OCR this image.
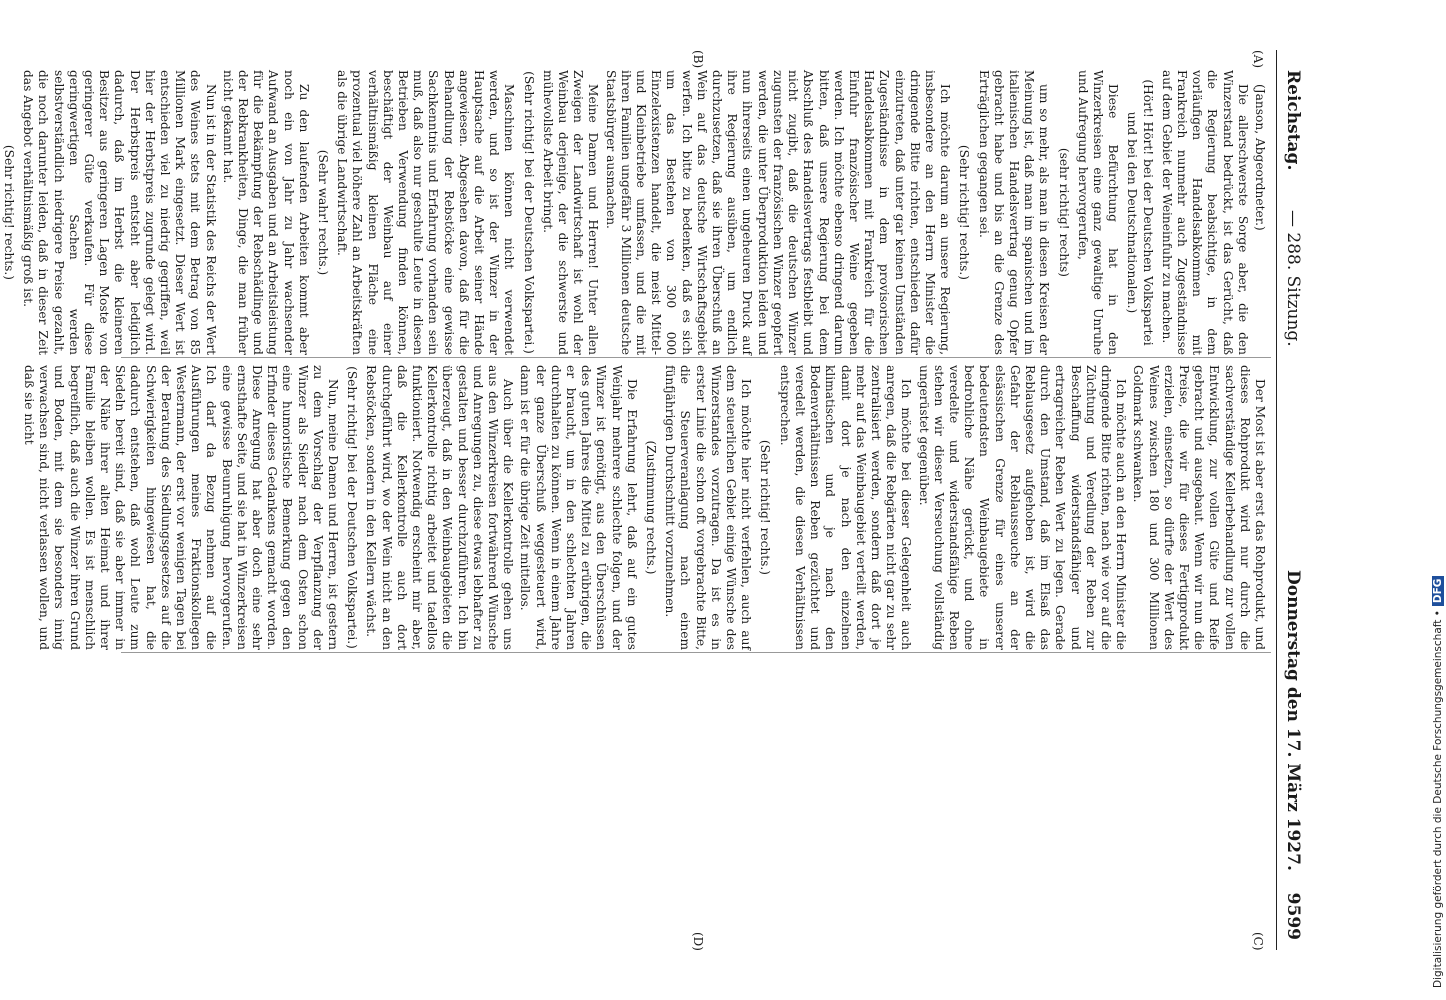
Reichstag.
— 288. Sitzung.
Donnerstag den 17. März 1927.
9599
(A)
(B)
(C)
(D)

(Janson, Abgeordneter.)

Die allerschwerste Sorge aber, die den Winzerstand bedrückt, ist das Gerücht, daß die Regierung beabsichtige, in dem vorläufigen Handelsabkommen mit Frankreich nunmehr auch Zugeständnisse auf dem Gebiet der Weineinfuhr zu machen.

(Hört! Hört! bei der Deutschen Volkspartei und bei den Deutschnationalen.)

Diese Befürchtung hat in den Winzerkreisen eine ganz gewaltige Unruhe und Aufregung hervorgerufen,

(sehr richtig! rechts)

um so mehr, als man in diesen Kreisen der Meinung ist, daß man im spanischen und im italienischen Handelsvertrag genug Opfer gebracht habe und bis an die Grenze des Erträglichen gegangen sei.

(Sehr richtig! rechts.)

Ich möchte darum an unsere Regierung, insbesondere an den Herrn Minister die dringende Bitte richten, entschieden dafür einzutreten, daß unter gar keinen Umständen Zugeständnisse in dem provisorischen Handelsabkommen mit Frankreich für die Einfuhr französischer Weine gegeben werden. Ich möchte ebenso dringend darum bitten, daß unsere Regierung bei dem Abschluß des Handelsvertrags festbleibt und nicht zugibt, daß die deutschen Winzer zugunsten der französischen Winzer geopfert werden, die unter Überproduktion leiden und nun ihrerseits einen ungeheuren Druck auf ihre Regierung ausüben, um endlich durchzusetzen, daß sie ihren Überschuß an Wein auf das deutsche Wirtschaftsgebiet werfen. Ich bitte zu bedenken, daß es sich um das Bestehen von 300 000 Einzelexistenzen handelt, die meist Mittel- und Kleinbetriebe umfassen, und die mit ihren Familien ungefähr 3 Millionen deutsche Staatsbürger ausmachen.

Meine Damen und Herren! Unter allen Zweigen der Landwirtschaft ist wohl der Weinbau derjenige, der die schwerste und mühevollste Arbeit bringt.

(Sehr richtig! bei der Deutschen Volkspartei.)

Maschinen können nicht verwendet werden, und so ist der Winzer in der Hauptsache auf die Arbeit seiner Hände angewiesen. Abgesehen davon, daß für die Behandlung der Rebstöcke eine gewisse Sachkenntnis und Erfahrung vorhanden sein muß, daß also nur geschulte Leute in diesen Betrieben Verwendung finden können, beschäftigt der Weinbau auf einer verhältnismäßig kleinen Fläche eine prozentual viel höhere Zahl an Arbeitskräften als die übrige Landwirtschaft.

(Sehr wahr! rechts.)

Zu den laufenden Arbeiten kommt aber noch ein von Jahr zu Jahr wachsender Aufwand an Ausgaben und an Arbeitsleistung für die Bekämpfung der Rebschädlinge und der Rebkrankheiten, Dinge, die man früher nicht gekannt hat.

Nun ist in der Statistik des Reichs der Wert des Weines stets mit dem Betrag von 85 Millionen Mark eingesetzt. Dieser Wert ist entschieden viel zu niedrig gegriffen, weil hier der Herbstpreis zugrunde gelegt wird. Der Herbstpreis entsteht aber lediglich dadurch, daß im Herbst die kleineren Besitzer aus geringeren Lagen Moste von geringerer Güte verkaufen. Für diese geringwertigen Sachen werden selbstverständlich niedrigere Preise gezahlt, die noch darunter leiden, daß in dieser Zeit das Angebot verhältnismäßig groß ist.

(Sehr richtig! rechts.)

Der Most ist aber erst das Rohprodukt, und dieses Rohprodukt wird nur durch die sachverständige Kellerbehandlung zur vollen Entwicklung, zur vollen Güte und Reife gebracht und ausgebaut. Wenn wir nun die Preise, die wir für dieses Fertigprodukt erzielen, einsetzen, so dürfte der Wert des Weines zwischen 180 und 300 Millionen Goldmark schwanken.

Ich möchte auch an den Herrn Minister die dringende Bitte richten, nach wie vor auf die Züchtung und Veredlung der Reben zur Beschaffung widerstandsfähiger und ertragreicher Reben Wert zu legen. Gerade durch den Umstand, daß im Elsaß das Reblausgesetz aufgehoben ist, wird die Gefahr der Reblausseuche an der elsässischen Grenze für eines unserer bedeutendsten Weinbaugebiete in bedrohliche Nähe gerückt, und ohne veredelte und widerstandsfähige Reben stehen wir dieser Verseuchung vollständig ungerüstet gegenüber.

Ich möchte bei dieser Gelegenheit auch anregen, daß die Rebgärten nicht gar zu sehr zentralisiert werden, sondern daß dort je mehr auf das Weinbaugebiet verteilt werden, damit dort je nach den einzelnen klimatischen und je nach den Bodenverhältnissen Reben gezüchtet und veredelt werden, die diesen Verhältnissen entsprechen.

(Sehr richtig! rechts.)

Ich möchte hier nicht verfehlen, auch auf dem steuerlichen Gebiet einige Wünsche des Winzerstandes vorzutragen. Da ist es in erster Linie die schon oft vorgebrachte Bitte, die Steuerveranlagung nach einem fünfjährigen Durchschnitt vorzunehmen.

(Zustimmung rechts.)

Die Erfahrung lehrt, daß auf ein gutes Weinjahr mehrere schlechte folgen, und der Winzer ist genötigt, aus den Überschüssen des guten Jahres die Mittel zu erübrigen, die er braucht, um in den schlechten Jahren durchhalten zu können. Wenn in einem Jahre der ganze Überschuß weggesteuert wird, dann ist er für die übrige Zeit mittellos.

Auch über die Kellerkontrolle gehen uns aus den Winzerkreisen fortwährend Wünsche und Anregungen zu, diese etwas lebhafter zu gestalten und besser durchzuführen. Ich bin überzeugt, daß in den Weinbaugebieten die Kellerkontrolle richtig arbeitet und tadellos funktioniert. Notwendig erscheint mir aber, daß die Kellerkontrolle auch dort durchgeführt wird, wo der Wein nicht an den Rebstöcken, sondern in den Kellern wächst.

(Sehr richtig! bei der Deutschen Volkspartei.)

Nun, meine Damen und Herren, ist gestern zu dem Vorschlag der Verpflanzung der Winzer als Siedler nach dem Osten schon eine humoristische Bemerkung gegen den Erfinder dieses Gedankens gemacht worden. Diese Anregung hat aber doch eine sehr ernsthafte Seite, und sie hat in Winzerkreisen eine gewisse Beunruhigung hervorgerufen. Ich darf da Bezug nehmen auf die Ausführungen meines Fraktionskollegen Westermann, der erst vor wenigen Tagen bei der Beratung des Siedlungsgesetzes auf die Schwierigkeiten hingewiesen hat, die dadurch entstehen, daß wohl Leute zum Siedeln bereit sind, daß sie aber immer in der Nähe ihrer alten Heimat und ihrer Familie bleiben wollen. Es ist menschlich begreiflich, daß auch die Winzer ihren Grund und Boden, mit dem sie besonders innig verwachsen sind, nicht verlassen wollen, und daß sie nicht

Digitalisierung gefördert durch die Deutsche Forschungsgemeinschaft •DFG
